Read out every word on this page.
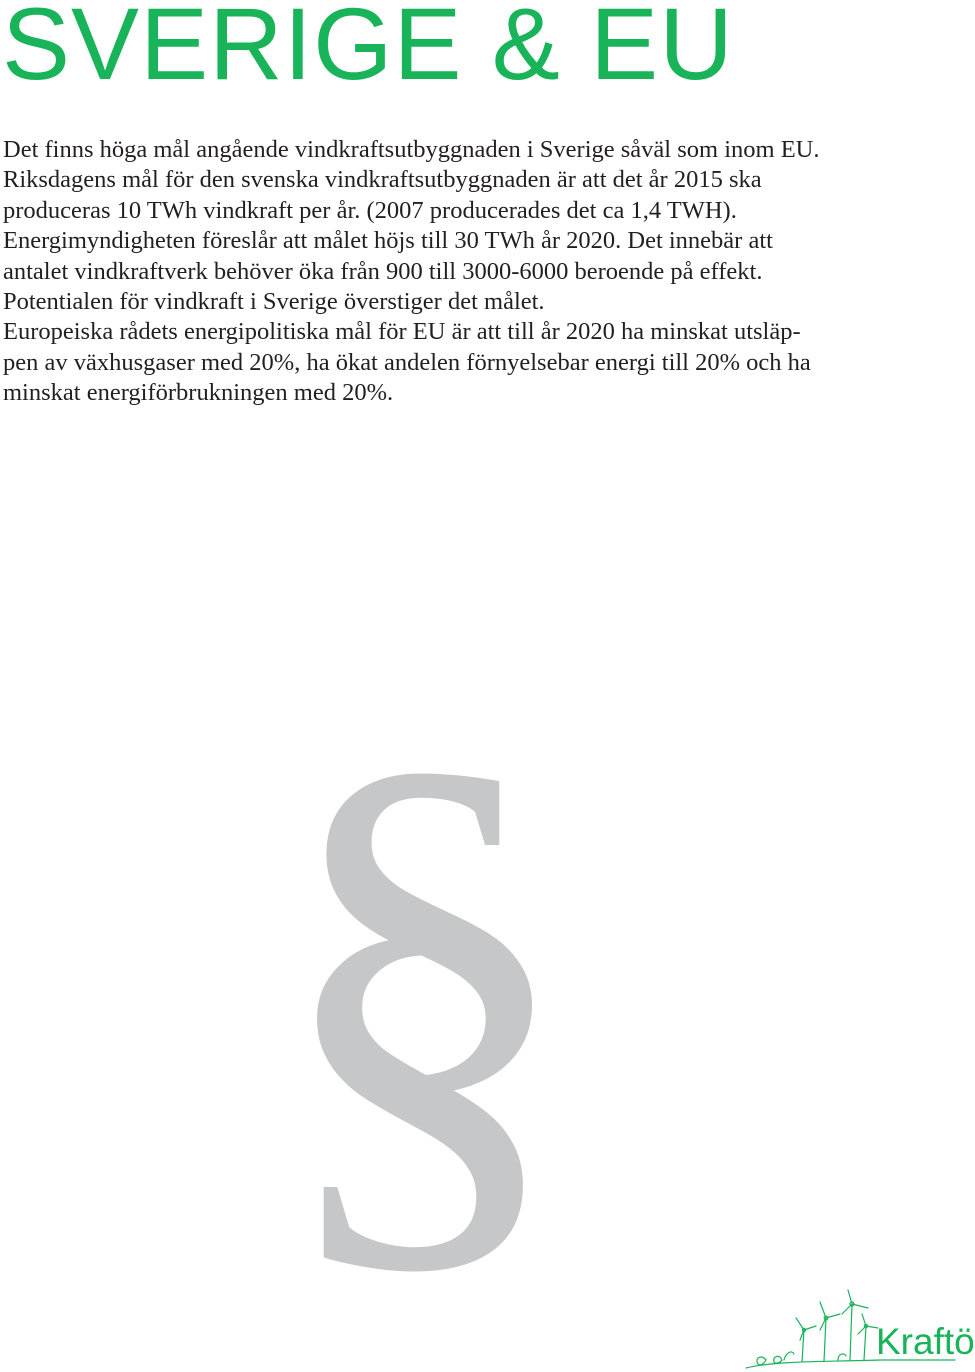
SVERIGE & EU
Det finns höga mål angående vindkraftsutbyggnaden i Sverige såväl som inom EU.
Riksdagens mål för den svenska vindkraftsutbyggnaden är att det år 2015 ska
produceras 10 TWh vindkraft per år. (2007 producerades det ca 1,4 TWH).
Energimyndigheten föreslår att målet höjs till 30 TWh år 2020. Det innebär att
antalet vindkraftverk behöver öka från 900 till 3000-6000 beroende på effekt.
Potentialen för vindkraft i Sverige överstiger det målet.
Europeiska rådets energipolitiska mål för EU är att till år 2020 ha minskat utsläp-
pen av växhusgaser med 20%, ha ökat andelen förnyelsebar energi till 20% och ha
minskat energiförbrukningen med 20%.
§
Kraftö
